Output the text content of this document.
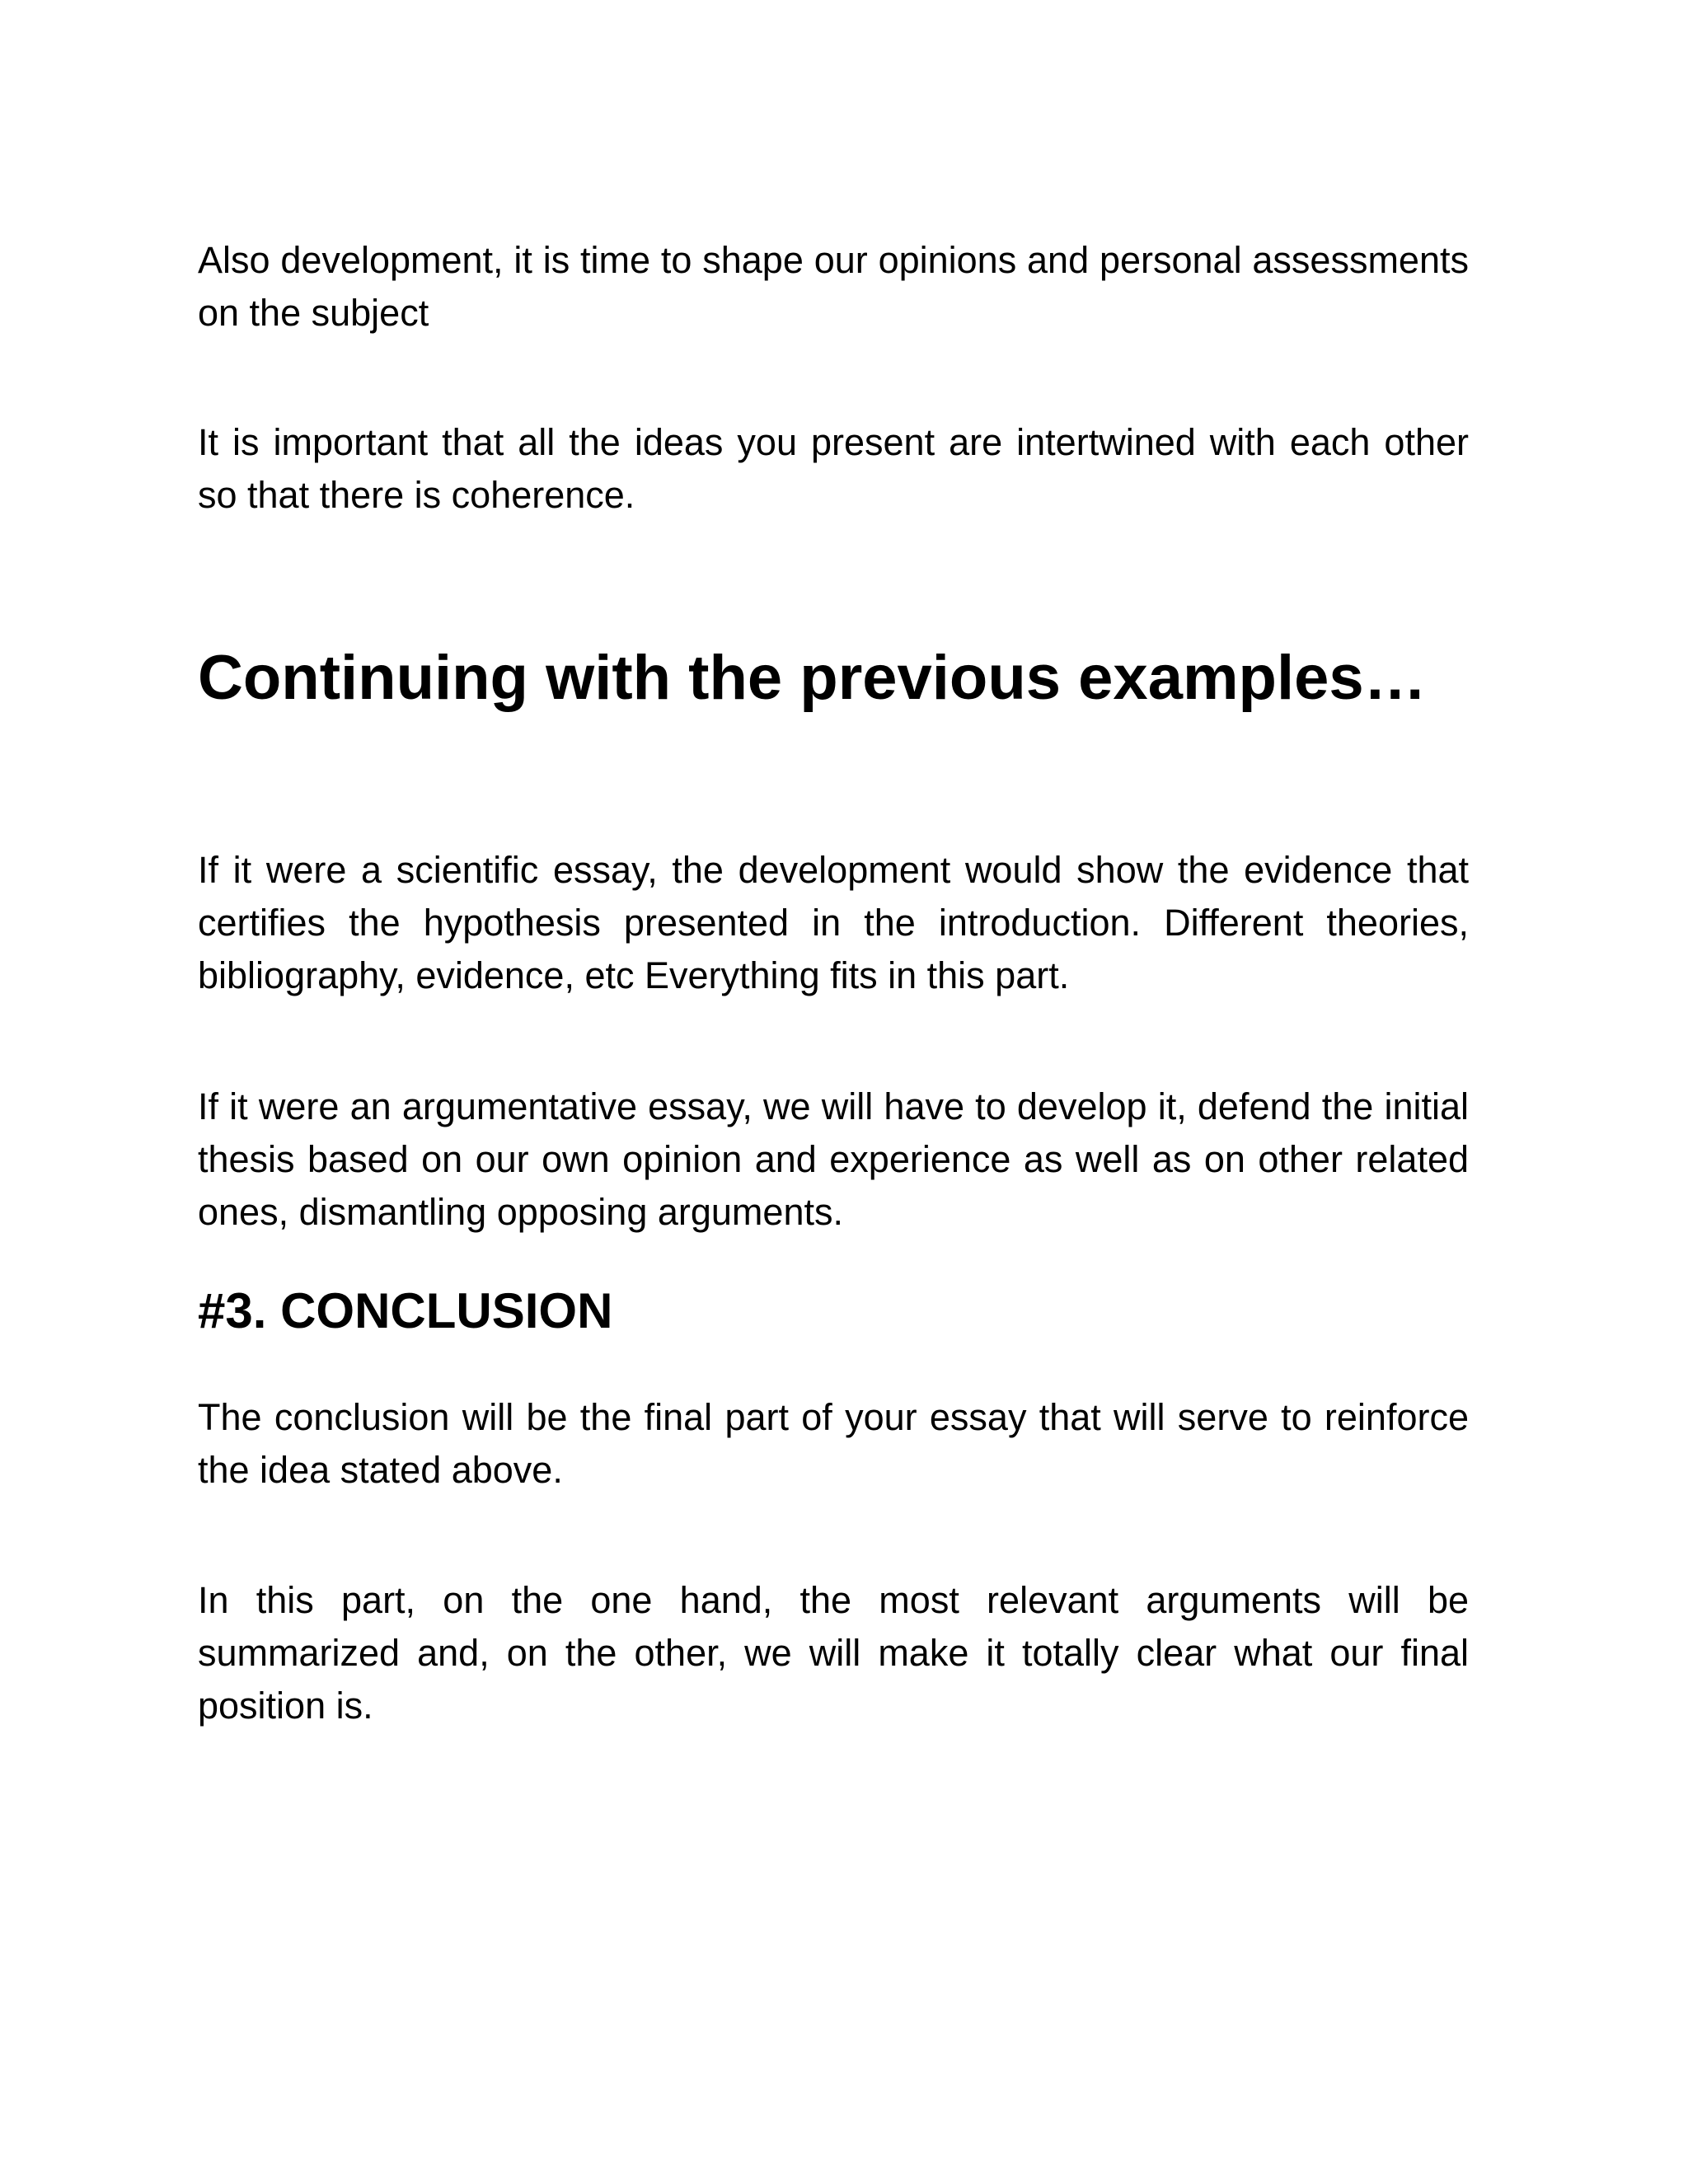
Also development, it is time to shape our opinions and personal assessments on the subject

It is important that all the ideas you present are intertwined with each other so that there is coherence.

Continuing with the previous examples…

If it were a scientific essay, the development would show the evidence that certifies the hypothesis presented in the introduction. Different theories, bibliography, evidence, etc Everything fits in this part.

If it were an argumentative essay, we will have to develop it, defend the initial thesis based on our own opinion and experience as well as on other related ones, dismantling opposing arguments.

#3. CONCLUSION

The conclusion will be the final part of your essay that will serve to reinforce the idea stated above.

In this part, on the one hand, the most relevant arguments will be summarized and, on the other, we will make it totally clear what our final position is.
